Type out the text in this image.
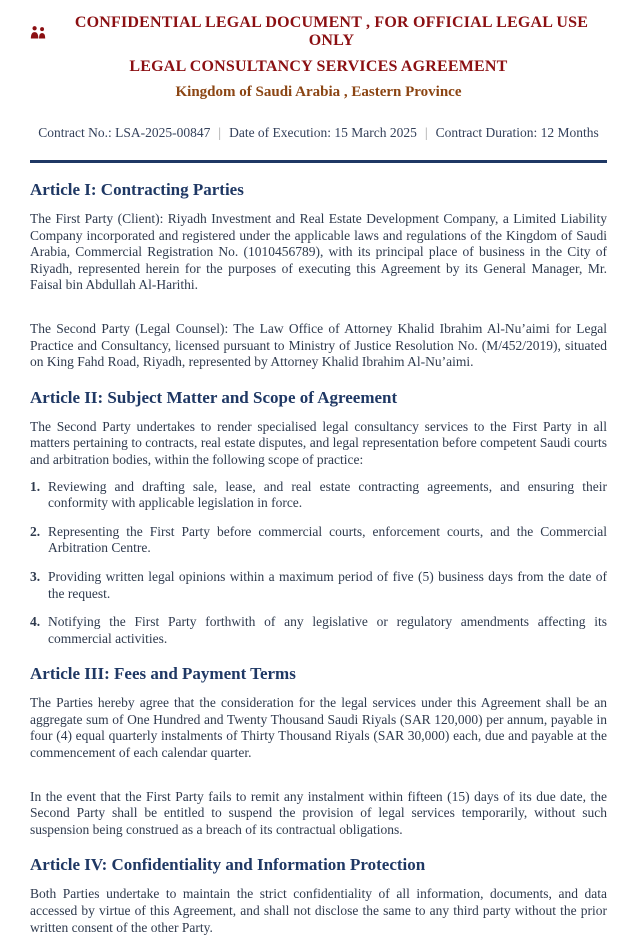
CONFIDENTIAL LEGAL DOCUMENT , FOR OFFICIAL LEGAL USE ONLY
LEGAL CONSULTANCY SERVICES AGREEMENT
Kingdom of Saudi Arabia , Eastern Province
Contract No.: LSA-2025-00847 | Date of Execution: 15 March 2025 | Contract Duration: 12 Months
Article I: Contracting Parties

The First Party (Client): Riyadh Investment and Real Estate Development Company, a Limited Liability Company incorporated and registered under the applicable laws and regulations of the Kingdom of Saudi Arabia, Commercial Registration No. (1010456789), with its principal place of business in the City of Riyadh, represented herein for the purposes of executing this Agreement by its General Manager, Mr. Faisal bin Abdullah Al-Harithi.

The Second Party (Legal Counsel): The Law Office of Attorney Khalid Ibrahim Al-Nu’aimi for Legal Practice and Consultancy, licensed pursuant to Ministry of Justice Resolution No. (M/452/2019), situated on King Fahd Road, Riyadh, represented by Attorney Khalid Ibrahim Al-Nu’aimi.

Article II: Subject Matter and Scope of Agreement

The Second Party undertakes to render specialised legal consultancy services to the First Party in all matters pertaining to contracts, real estate disputes, and legal representation before competent Saudi courts and arbitration bodies, within the following scope of practice:

1. Reviewing and drafting sale, lease, and real estate contracting agreements, and ensuring their conformity with applicable legislation in force.
2. Representing the First Party before commercial courts, enforcement courts, and the Commercial Arbitration Centre.
3. Providing written legal opinions within a maximum period of five (5) business days from the date of the request.
4. Notifying the First Party forthwith of any legislative or regulatory amendments affecting its commercial activities.
Article III: Fees and Payment Terms

The Parties hereby agree that the consideration for the legal services under this Agreement shall be an aggregate sum of One Hundred and Twenty Thousand Saudi Riyals (SAR 120,000) per annum, payable in four (4) equal quarterly instalments of Thirty Thousand Riyals (SAR 30,000) each, due and payable at the commencement of each calendar quarter.

In the event that the First Party fails to remit any instalment within fifteen (15) days of its due date, the Second Party shall be entitled to suspend the provision of legal services temporarily, without such suspension being construed as a breach of its contractual obligations.

Article IV: Confidentiality and Information Protection

Both Parties undertake to maintain the strict confidentiality of all information, documents, and data accessed by virtue of this Agreement, and shall not disclose the same to any third party without the prior written consent of the other Party.
